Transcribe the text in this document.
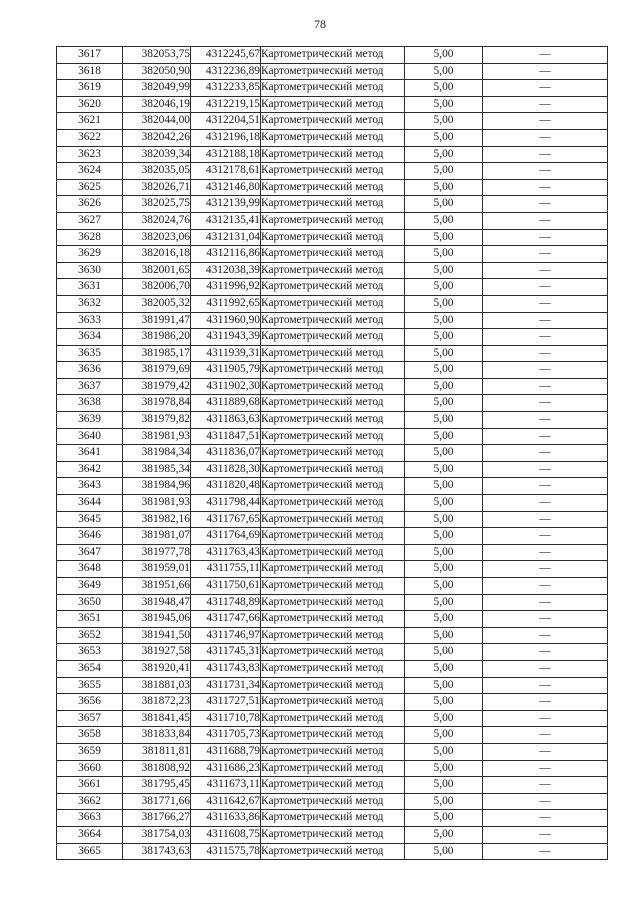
78
3617	382053,75	4312245,67	Картометрический метод	5,00	—
3618	382050,90	4312236,89	Картометрический метод	5,00	—
3619	382049,99	4312233,85	Картометрический метод	5,00	—
3620	382046,19	4312219,15	Картометрический метод	5,00	—
3621	382044,00	4312204,51	Картометрический метод	5,00	—
3622	382042,26	4312196,18	Картометрический метод	5,00	—
3623	382039,34	4312188,18	Картометрический метод	5,00	—
3624	382035,05	4312178,61	Картометрический метод	5,00	—
3625	382026,71	4312146,80	Картометрический метод	5,00	—
3626	382025,75	4312139,99	Картометрический метод	5,00	—
3627	382024,76	4312135,41	Картометрический метод	5,00	—
3628	382023,06	4312131,04	Картометрический метод	5,00	—
3629	382016,18	4312116,86	Картометрический метод	5,00	—
3630	382001,65	4312038,39	Картометрический метод	5,00	—
3631	382006,70	4311996,92	Картометрический метод	5,00	—
3632	382005,32	4311992,65	Картометрический метод	5,00	—
3633	381991,47	4311960,90	Картометрический метод	5,00	—
3634	381986,20	4311943,39	Картометрический метод	5,00	—
3635	381985,17	4311939,31	Картометрический метод	5,00	—
3636	381979,69	4311905,79	Картометрический метод	5,00	—
3637	381979,42	4311902,30	Картометрический метод	5,00	—
3638	381978,84	4311889,68	Картометрический метод	5,00	—
3639	381979,82	4311863,63	Картометрический метод	5,00	—
3640	381981,93	4311847,51	Картометрический метод	5,00	—
3641	381984,34	4311836,07	Картометрический метод	5,00	—
3642	381985,34	4311828,30	Картометрический метод	5,00	—
3643	381984,96	4311820,48	Картометрический метод	5,00	—
3644	381981,93	4311798,44	Картометрический метод	5,00	—
3645	381982,16	4311767,65	Картометрический метод	5,00	—
3646	381981,07	4311764,69	Картометрический метод	5,00	—
3647	381977,78	4311763,43	Картометрический метод	5,00	—
3648	381959,01	4311755,11	Картометрический метод	5,00	—
3649	381951,66	4311750,61	Картометрический метод	5,00	—
3650	381948,47	4311748,89	Картометрический метод	5,00	—
3651	381945,06	4311747,66	Картометрический метод	5,00	—
3652	381941,50	4311746,97	Картометрический метод	5,00	—
3653	381927,58	4311745,31	Картометрический метод	5,00	—
3654	381920,41	4311743,83	Картометрический метод	5,00	—
3655	381881,03	4311731,34	Картометрический метод	5,00	—
3656	381872,23	4311727,51	Картометрический метод	5,00	—
3657	381841,45	4311710,78	Картометрический метод	5,00	—
3658	381833,84	4311705,73	Картометрический метод	5,00	—
3659	381811,81	4311688,79	Картометрический метод	5,00	—
3660	381808,92	4311686,23	Картометрический метод	5,00	—
3661	381795,45	4311673,11	Картометрический метод	5,00	—
3662	381771,66	4311642,67	Картометрический метод	5,00	—
3663	381766,27	4311633,86	Картометрический метод	5,00	—
3664	381754,03	4311608,75	Картометрический метод	5,00	—
3665	381743,63	4311575,78	Картометрический метод	5,00	—
